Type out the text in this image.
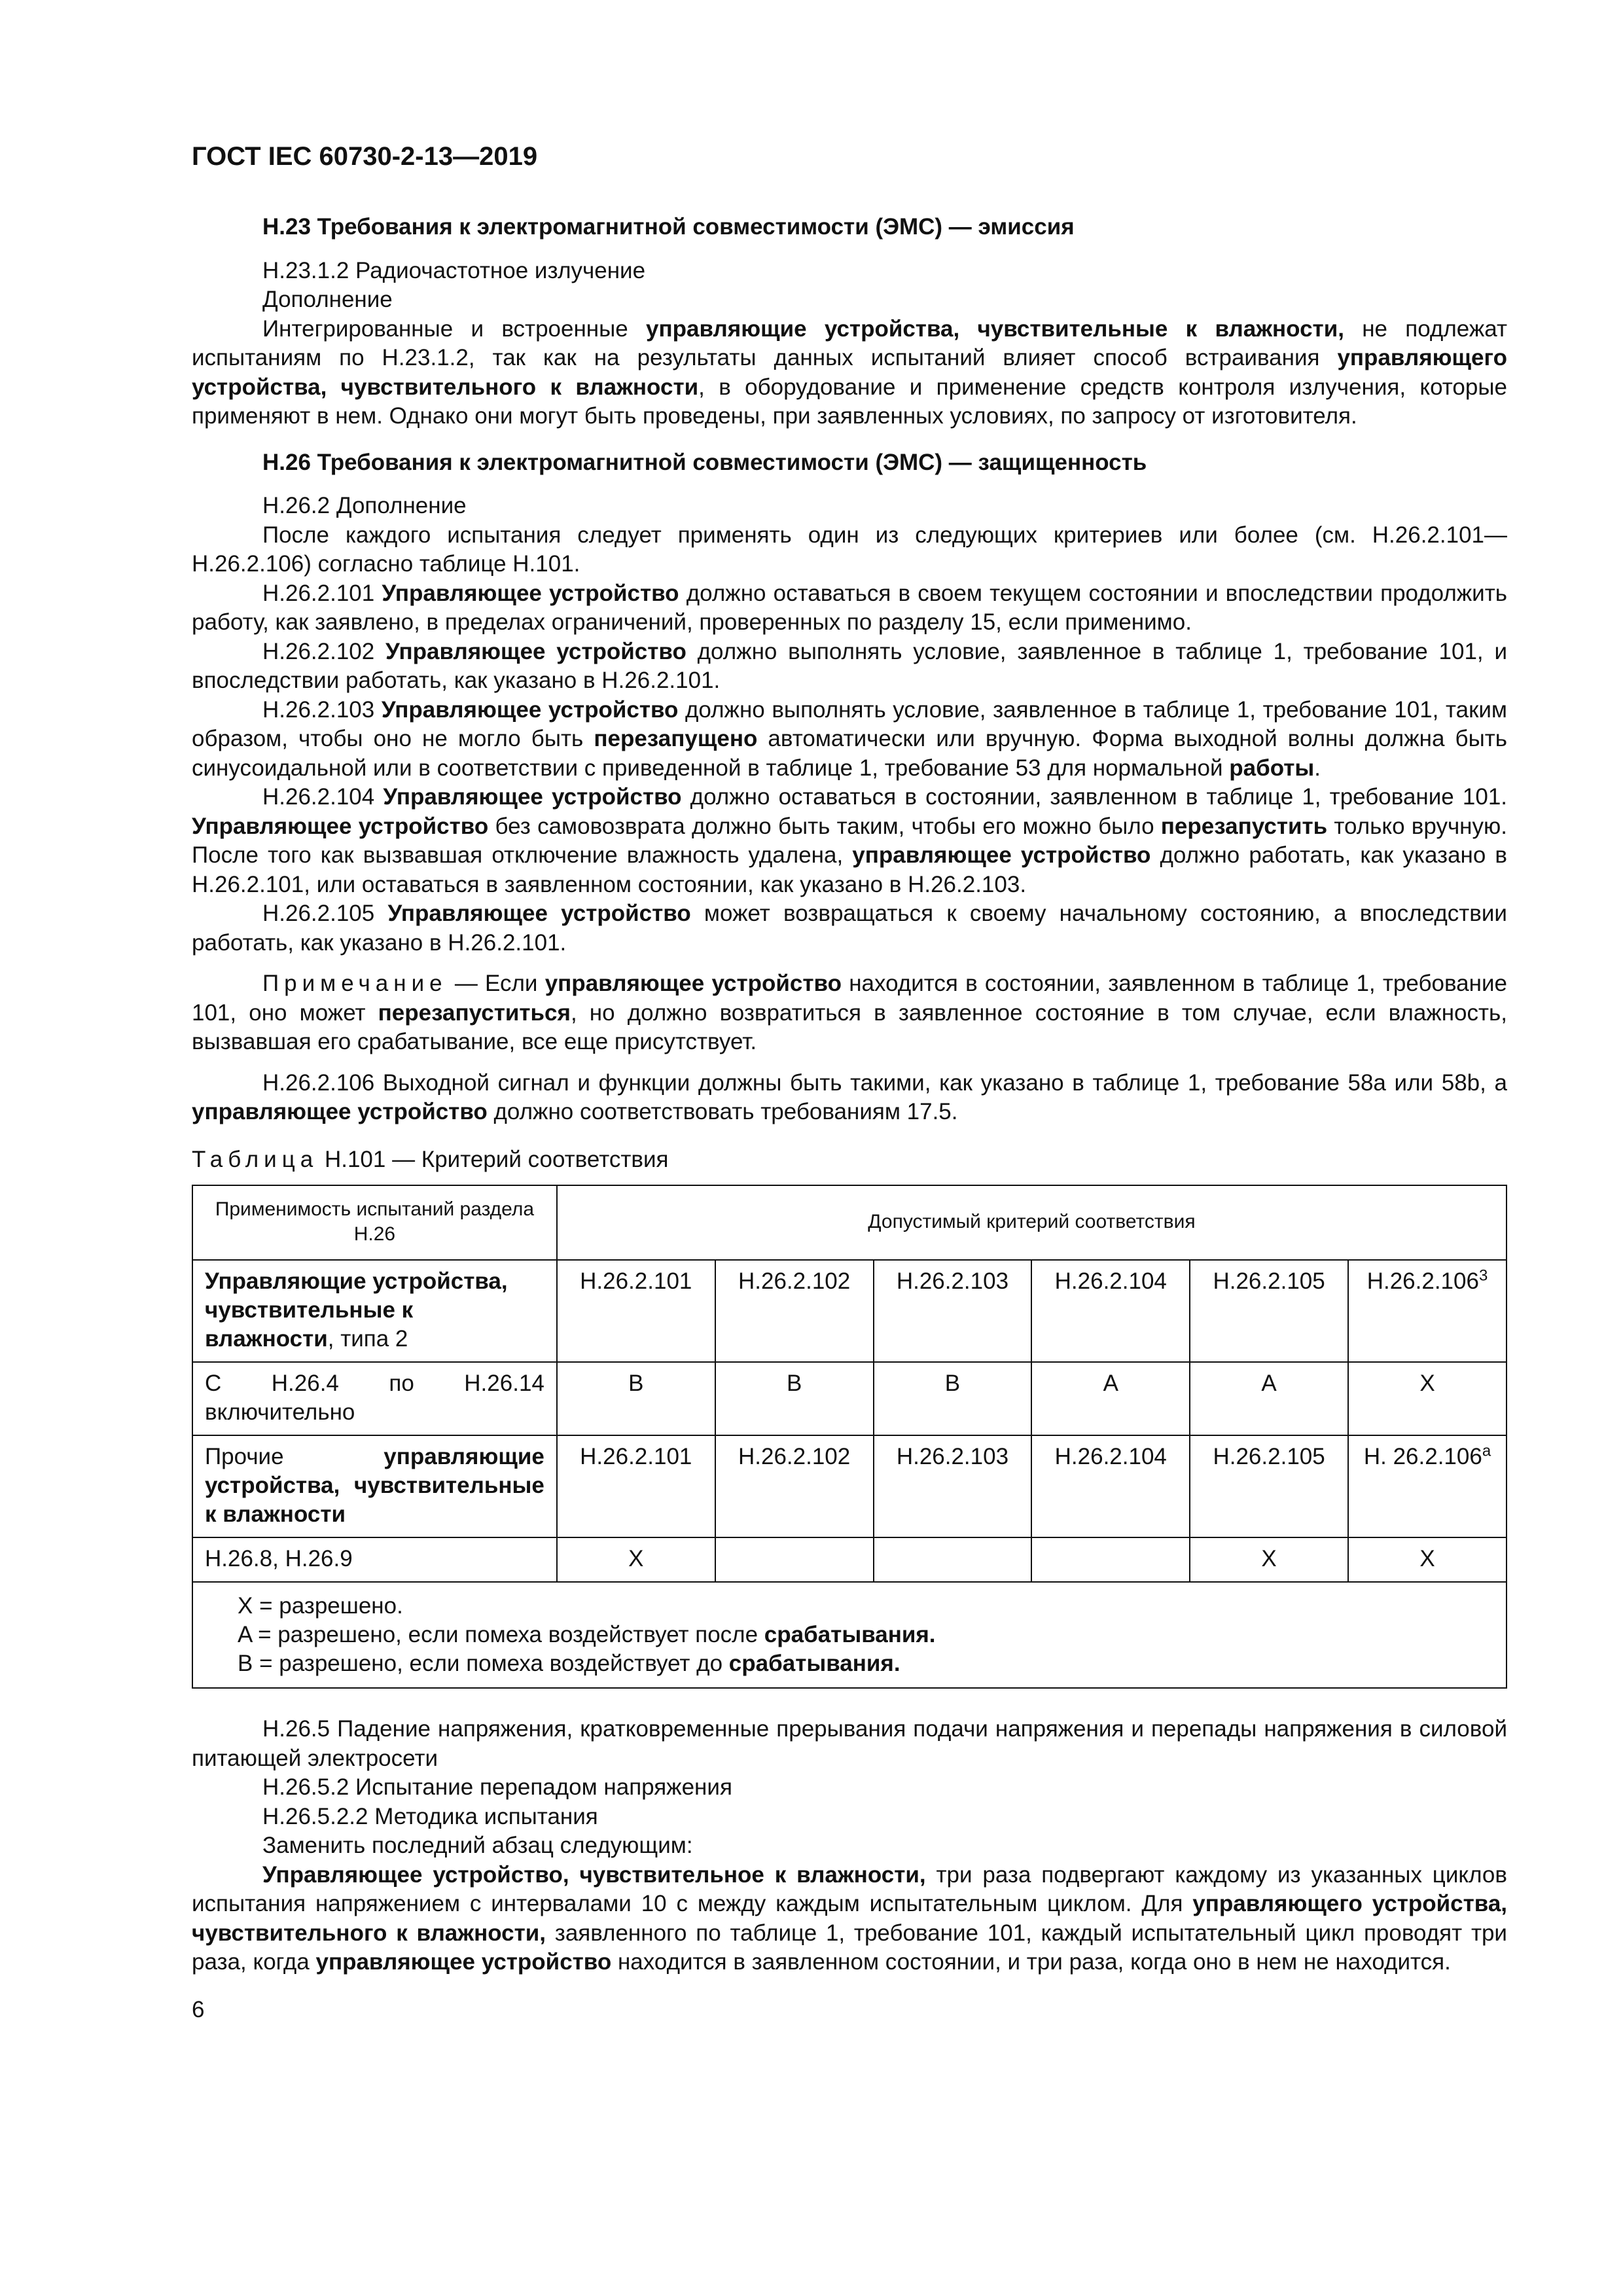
ГОСТ IEC 60730-2-13—2019
H.23 Требования к электромагнитной совместимости (ЭМС) — эмиссия

H.23.1.2 Радиочастотное излучение

Дополнение

Интегрированные и встроенные управляющие устройства, чувствительные к влажности, не подлежат испытаниям по H.23.1.2, так как на результаты данных испытаний влияет способ встраивания управляющего устройства, чувствительного к влажности, в оборудование и применение средств контроля излучения, которые применяют в нем. Однако они могут быть проведены, при заявленных условиях, по запросу от изготовителя.

H.26 Требования к электромагнитной совместимости (ЭМС) — защищенность

H.26.2 Дополнение

После каждого испытания следует применять один из следующих критериев или более (см. H.26.2.101—H.26.2.106) согласно таблице H.101.

H.26.2.101 Управляющее устройство должно оставаться в своем текущем состоянии и впоследствии продолжить работу, как заявлено, в пределах ограничений, проверенных по разделу 15, если применимо.

H.26.2.102 Управляющее устройство должно выполнять условие, заявленное в таблице 1, требование 101, и впоследствии работать, как указано в H.26.2.101.

H.26.2.103 Управляющее устройство должно выполнять условие, заявленное в таблице 1, требование 101, таким образом, чтобы оно не могло быть перезапущено автоматически или вручную. Форма выходной волны должна быть синусоидальной или в соответствии с приведенной в таблице 1, требование 53 для нормальной работы.

H.26.2.104 Управляющее устройство должно оставаться в состоянии, заявленном в таблице 1, требование 101. Управляющее устройство без самовозврата должно быть таким, чтобы его можно было перезапустить только вручную. После того как вызвавшая отключение влажность удалена, управляющее устройство должно работать, как указано в H.26.2.101, или оставаться в заявленном состоянии, как указано в H.26.2.103.

H.26.2.105 Управляющее устройство может возвращаться к своему начальному состоянию, а впоследствии работать, как указано в H.26.2.101.

Примечание — Если управляющее устройство находится в состоянии, заявленном в таблице 1, требование 101, оно может перезапуститься, но должно возвратиться в заявленное состояние в том случае, если влажность, вызвавшая его срабатывание, все еще присутствует.

H.26.2.106 Выходной сигнал и функции должны быть такими, как указано в таблице 1, требование 58a или 58b, а управляющее устройство должно соответствовать требованиям 17.5.

Таблица H.101 — Критерий соответствия

Применимость испытаний раздела H.26	Допустимый критерий соответствия					
Управляющие устройства, чувствительные к влажности, типа 2	H.26.2.101	H.26.2.102	H.26.2.103	H.26.2.104	H.26.2.105	H.26.2.106$^3$
С H.26.4 по H.26.14 включительно	B	B	B	A	A	X
Прочие управляющие устройства, чувствительные к влажности	H.26.2.101	H.26.2.102	H.26.2.103	H.26.2.104	H.26.2.105	H. 26.2.106$^a$
H.26.8, H.26.9	X				X	X

X = разрешено.
A = разрешено, если помеха воздействует после срабатывания.
B = разрешено, если помеха воздействует до срабатывания.						

H.26.5 Падение напряжения, кратковременные прерывания подачи напряжения и перепады напряжения в силовой питающей электросети

H.26.5.2 Испытание перепадом напряжения

H.26.5.2.2 Методика испытания

Заменить последний абзац следующим:

Управляющее устройство, чувствительное к влажности, три раза подвергают каждому из указанных циклов испытания напряжением с интервалами 10 с между каждым испытательным циклом. Для управляющего устройства, чувствительного к влажности, заявленного по таблице 1, требование 101, каждый испытательный цикл проводят три раза, когда управляющее устройство находится в заявленном состоянии, и три раза, когда оно в нем не находится.

6
